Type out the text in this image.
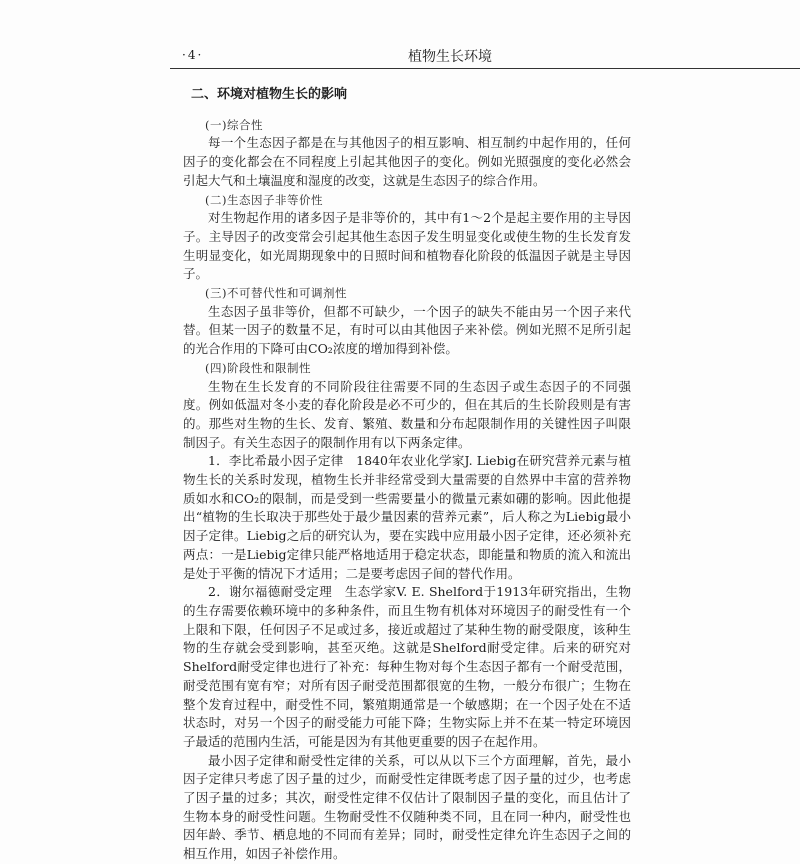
·4·	植物生长环境
二、环境对植物生长的影响

(一)综合性

每一个生态因子都是在与其他因子的相互影响、相互制约中起作用的，任何因子的变化都会在不同程度上引起其他因子的变化。例如光照强度的变化必然会引起大气和土壤温度和湿度的改变，这就是生态因子的综合作用。

(二)生态因子非等价性

对生物起作用的诸多因子是非等价的，其中有1～2个是起主要作用的主导因子。主导因子的改变常会引起其他生态因子发生明显变化或使生物的生长发育发生明显变化，如光周期现象中的日照时间和植物春化阶段的低温因子就是主导因子。

(三)不可替代性和可调剂性

生态因子虽非等价，但都不可缺少，一个因子的缺失不能由另一个因子来代替。但某一因子的数量不足，有时可以由其他因子来补偿。例如光照不足所引起的光合作用的下降可由CO₂浓度的增加得到补偿。

(四)阶段性和限制性

生物在生长发育的不同阶段往往需要不同的生态因子或生态因子的不同强度。例如低温对冬小麦的春化阶段是必不可少的，但在其后的生长阶段则是有害的。那些对生物的生长、发育、繁殖、数量和分布起限制作用的关键性因子叫限制因子。有关生态因子的限制作用有以下两条定律。

1．李比希最小因子定律　1840年农业化学家J. Liebig在研究营养元素与植物生长的关系时发现，植物生长并非经常受到大量需要的自然界中丰富的营养物质如水和CO₂的限制，而是受到一些需要量小的微量元素如硼的影响。因此他提出“植物的生长取决于那些处于最少量因素的营养元素”，后人称之为Liebig最小因子定律。Liebig之后的研究认为，要在实践中应用最小因子定律，还必须补充两点：一是Liebig定律只能严格地适用于稳定状态，即能量和物质的流入和流出是处于平衡的情况下才适用；二是要考虑因子间的替代作用。

2．谢尔福德耐受定理　生态学家V. E. Shelford于1913年研究指出，生物的生存需要依赖环境中的多种条件，而且生物有机体对环境因子的耐受性有一个上限和下限，任何因子不足或过多，接近或超过了某种生物的耐受限度，该种生物的生存就会受到影响，甚至灭绝。这就是Shelford耐受定律。后来的研究对Shelford耐受定律也进行了补充：每种生物对每个生态因子都有一个耐受范围，耐受范围有宽有窄；对所有因子耐受范围都很宽的生物，一般分布很广；生物在整个发育过程中，耐受性不同，繁殖期通常是一个敏感期；在一个因子处在不适状态时，对另一个因子的耐受能力可能下降；生物实际上并不在某一特定环境因子最适的范围内生活，可能是因为有其他更重要的因子在起作用。

最小因子定律和耐受性定律的关系，可以从以下三个方面理解，首先，最小因子定律只考虑了因子量的过少，而耐受性定律既考虑了因子量的过少，也考虑了因子量的过多；其次，耐受性定律不仅估计了限制因子量的变化，而且估计了生物本身的耐受性问题。生物耐受性不仅随种类不同，且在同一种内，耐受性也因年龄、季节、栖息地的不同而有差异；同时，耐受性定律允许生态因子之间的相互作用，如因子补偿作用。
